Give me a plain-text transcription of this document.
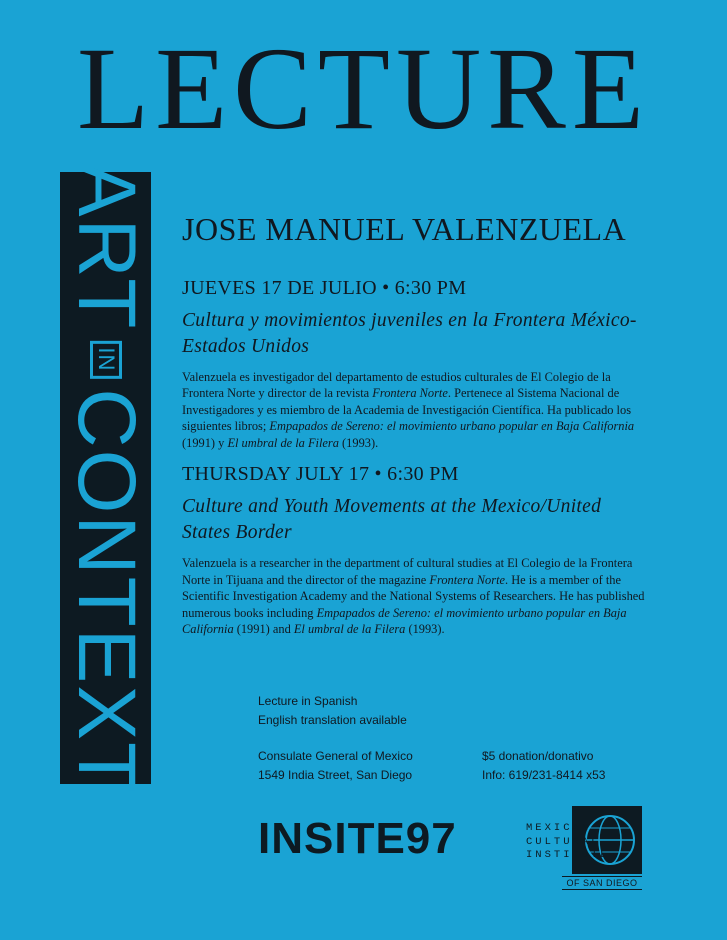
LECTURE
ART
IN
CONTEXT
JOSE MANUEL VALENZUELA
JUEVES 17 DE JULIO • 6:30 PM
Cultura y movimientos juveniles en la Frontera México-Estados Unidos

Valenzuela es investigador del departamento de estudios culturales de El Colegio de la Frontera Norte y director de la revista Frontera Norte. Pertenece al Sistema Nacional de Investigadores y es miembro de la Academia de Investigación Científica. Ha publicado los siguientes libros; Empapados de Sereno: el movimiento urbano popular en Baja California (1991) y El umbral de la Filera (1993).

THURSDAY JULY 17 • 6:30 PM
Culture and Youth Movements at the Mexico/United States Border

Valenzuela is a researcher in the department of cultural studies at El Colegio de la Frontera Norte in Tijuana and the director of the magazine Frontera Norte. He is a member of the Scientific Investigation Academy and the National Systems of Researchers. He has published numerous books including Empapados de Sereno: el movimiento urbano popular en Baja California (1991) and El umbral de la Filera (1993).

Lecture in Spanish
English translation available
Consulate General of Mexico
1549 India Street, San Diego
$5 donation/donativo
Info: 619/231-8414 x53
INSITE97	MEXICAN
CULTURAL
INSTITUTE
OF SAN DIEGO
